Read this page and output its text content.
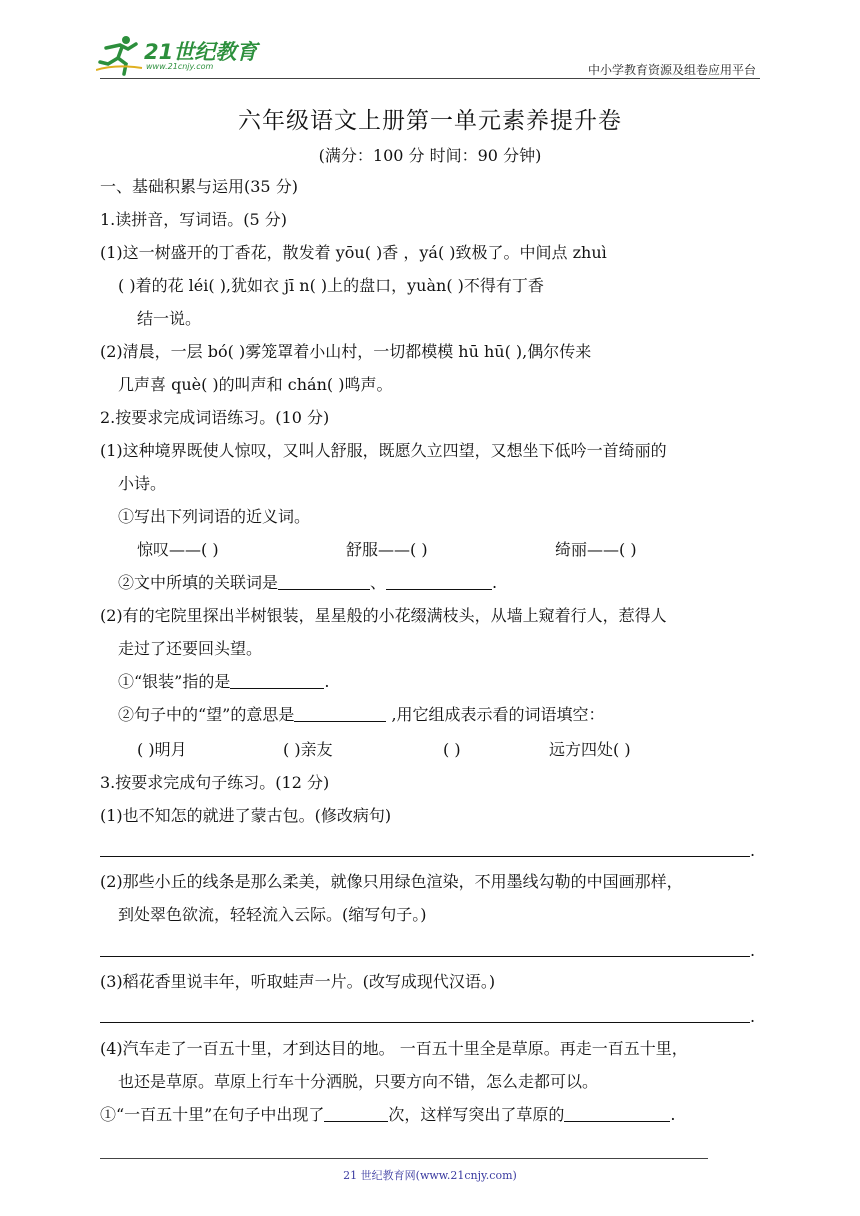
21世纪教育
www.21cnjy.com	中小学教育资源及组卷应用平台
六年级语文上册第一单元素养提升卷
(满分：100 分 时间：90 分钟)
一、基础积累与运用(35 分)
1.读拼音，写词语。(5 分)
(1)这一树盛开的丁香花，散发着 yōu( )香 ，yá( )致极了。中间点 zhuì
( )着的花 léi( ),犹如衣 jī n( )上的盘口，yuàn( )不得有丁香
结一说。
(2)清晨，一层 bó( )雾笼罩着小山村，一切都模模 hū hū( ),偶尔传来
几声喜 què( )的叫声和 chán( )鸣声。
2.按要求完成词语练习。(10 分)
(1)这种境界既使人惊叹，又叫人舒服，既愿久立四望，又想坐下低吟一首绮丽的
小诗。
①写出下列词语的近义词。
惊叹——( )	舒服——( )	绮丽——( )
②文中所填的关联词是	、	.
(2)有的宅院里探出半树银装，星星般的小花缀满枝头，从墙上窥着行人，惹得人
走过了还要回头望。
①“银装”指的是	.
②句子中的“望”的意思是	,用它组成表示看的词语填空：
( )明月	( )亲友	( )	远方四处( )
3.按要求完成句子练习。(12 分)
(1)也不知怎的就进了蒙古包。(修改病句)
.
(2)那些小丘的线条是那么柔美，就像只用绿色渲染，不用墨线勾勒的中国画那样，
到处翠色欲流，轻轻流入云际。(缩写句子。)
.
(3)稻花香里说丰年，听取蛙声一片。(改写成现代汉语。)
.
(4)汽车走了一百五十里，才到达目的地。 一百五十里全是草原。再走一百五十里，
也还是草原。草原上行车十分洒脱，只要方向不错，怎么走都可以。
①“一百五十里”在句子中出现了	次，这样写突出了草原的	.
21 世纪教育网(www.21cnjy.com)
